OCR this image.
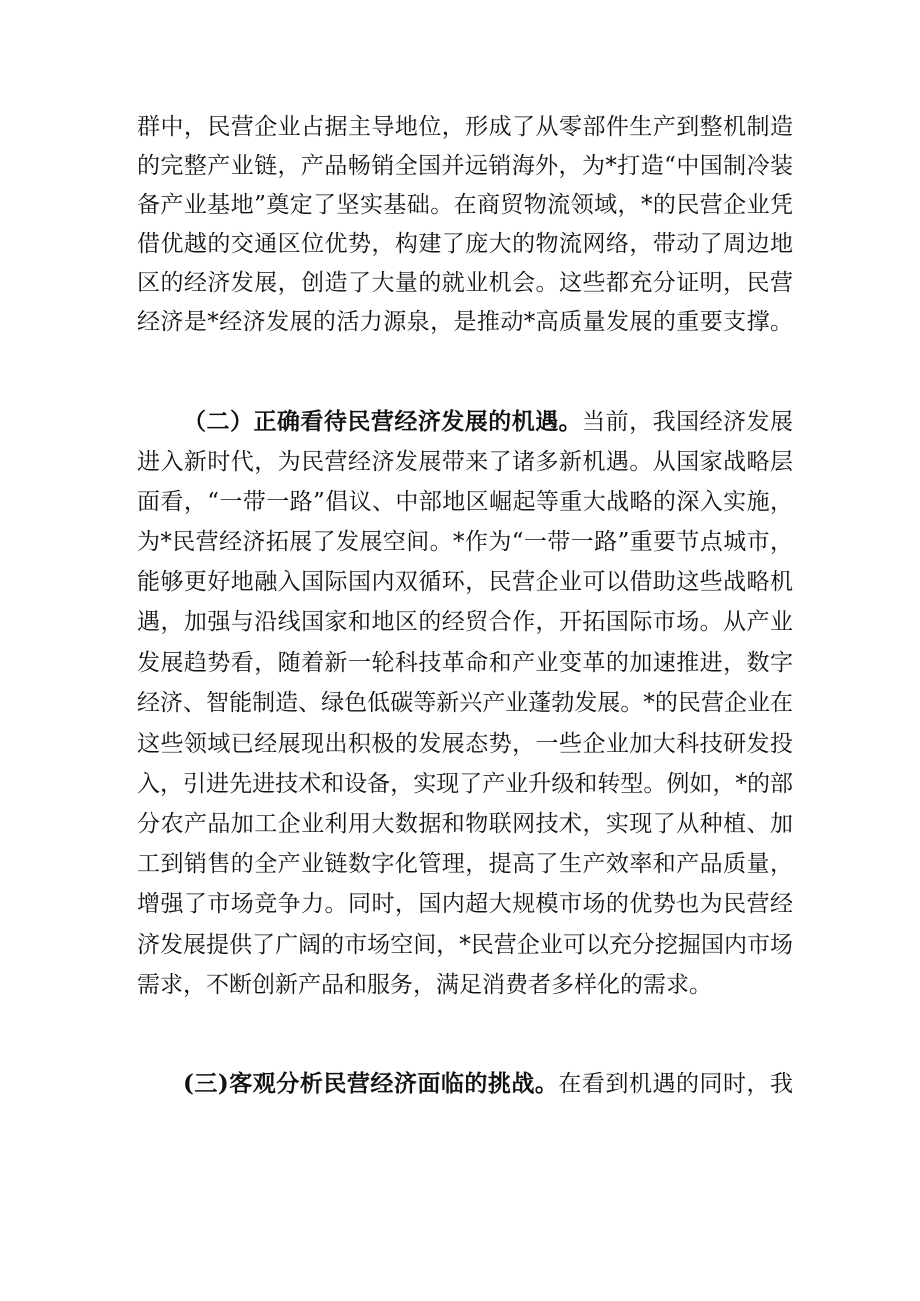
群中，民营企业占据主导地位，形成了从零部件生产到整机制造
的完整产业链，产品畅销全国并远销海外，为*打造“中国制冷装
备产业基地”奠定了坚实基础。在商贸物流领域，*的民营企业凭
借优越的交通区位优势，构建了庞大的物流网络，带动了周边地
区的经济发展，创造了大量的就业机会。这些都充分证明，民营
经济是*经济发展的活力源泉，是推动*高质量发展的重要支撑。
（二）正确看待民营经济发展的机遇。当前，我国经济发展
进入新时代，为民营经济发展带来了诸多新机遇。从国家战略层
面看，“一带一路”倡议、中部地区崛起等重大战略的深入实施，
为*民营经济拓展了发展空间。*作为“一带一路”重要节点城市，
能够更好地融入国际国内双循环，民营企业可以借助这些战略机
遇，加强与沿线国家和地区的经贸合作，开拓国际市场。从产业
发展趋势看，随着新一轮科技革命和产业变革的加速推进，数字
经济、智能制造、绿色低碳等新兴产业蓬勃发展。*的民营企业在
这些领域已经展现出积极的发展态势，一些企业加大科技研发投
入，引进先进技术和设备，实现了产业升级和转型。例如，*的部
分农产品加工企业利用大数据和物联网技术，实现了从种植、加
工到销售的全产业链数字化管理，提高了生产效率和产品质量，
增强了市场竞争力。同时，国内超大规模市场的优势也为民营经
济发展提供了广阔的市场空间，*民营企业可以充分挖掘国内市场
需求，不断创新产品和服务，满足消费者多样化的需求。
(三)客观分析民营经济面临的挑战。在看到机遇的同时，我
